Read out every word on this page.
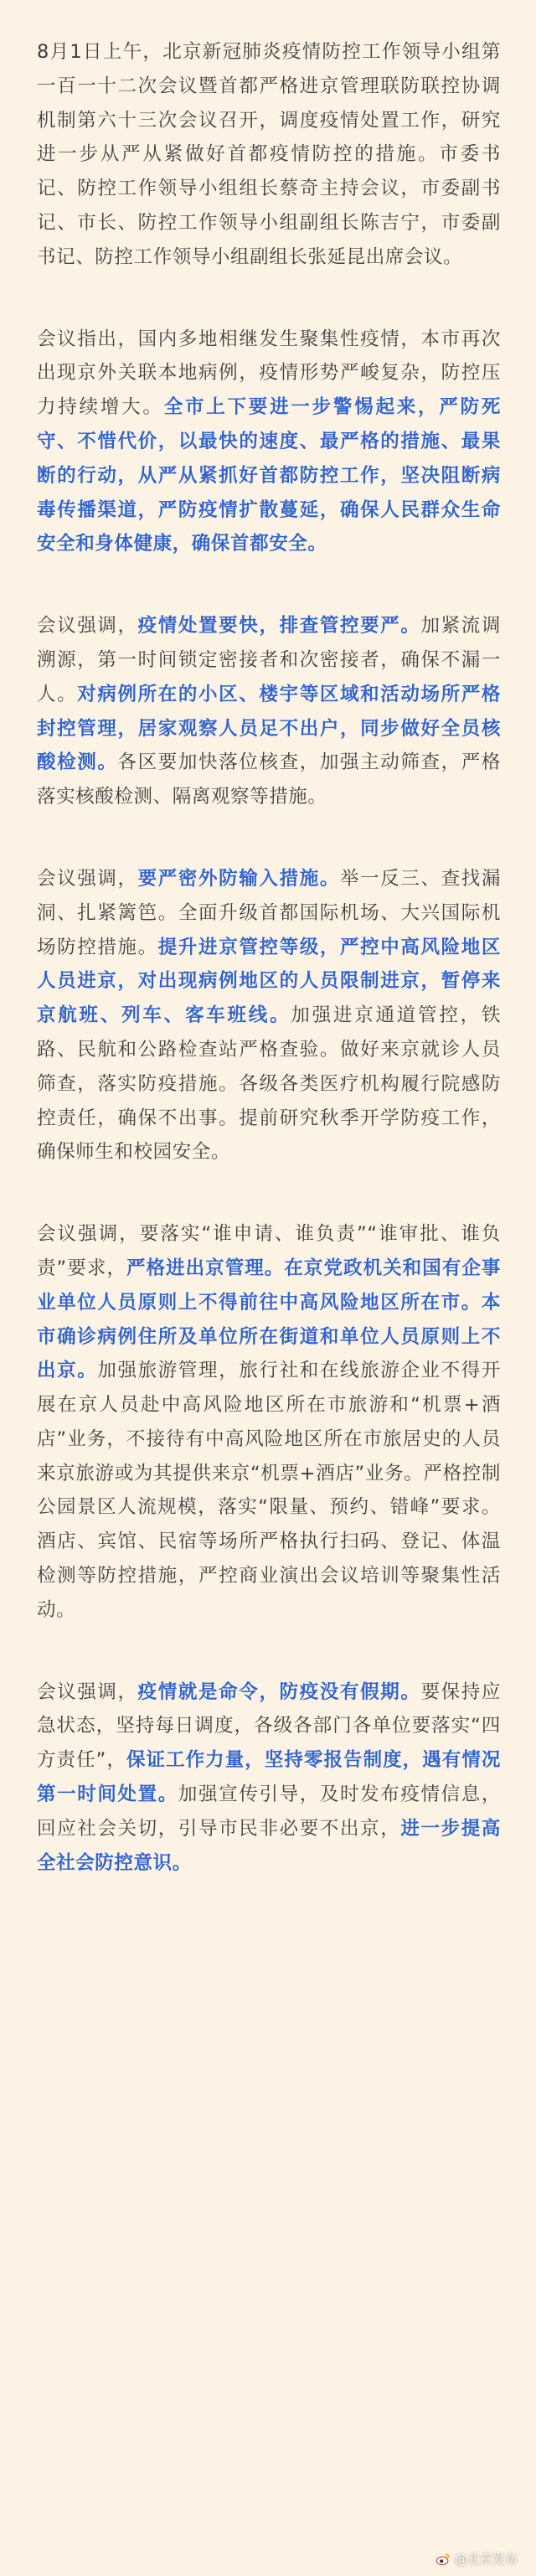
8月1日上午，北京新冠肺炎疫情防控工作领导小组第一百一十二次会议暨首都严格进京管理联防联控协调机制第六十三次会议召开，调度疫情处置工作，研究进一步从严从紧做好首都疫情防控的措施。市委书记、防控工作领导小组组长蔡奇主持会议，市委副书记、市长、防控工作领导小组副组长陈吉宁，市委副书记、防控工作领导小组副组长张延昆出席会议。

会议指出，国内多地相继发生聚集性疫情，本市再次出现京外关联本地病例，疫情形势严峻复杂，防控压力持续增大。全市上下要进一步警惕起来，严防死守、不惜代价，以最快的速度、最严格的措施、最果断的行动，从严从紧抓好首都防控工作，坚决阻断病毒传播渠道，严防疫情扩散蔓延，确保人民群众生命安全和身体健康，确保首都安全。

会议强调，疫情处置要快，排查管控要严。加紧流调溯源，第一时间锁定密接者和次密接者，确保不漏一人。对病例所在的小区、楼宇等区域和活动场所严格封控管理，居家观察人员足不出户，同步做好全员核酸检测。各区要加快落位核查，加强主动筛查，严格落实核酸检测、隔离观察等措施。

会议强调，要严密外防输入措施。举一反三、查找漏洞、扎紧篱笆。全面升级首都国际机场、大兴国际机场防控措施。提升进京管控等级，严控中高风险地区人员进京，对出现病例地区的人员限制进京，暂停来京航班、列车、客车班线。加强进京通道管控，铁路、民航和公路检查站严格查验。做好来京就诊人员筛查，落实防疫措施。各级各类医疗机构履行院感防控责任，确保不出事。提前研究秋季开学防疫工作，确保师生和校园安全。

会议强调，要落实“谁申请、谁负责”“谁审批、谁负责”要求，严格进出京管理。在京党政机关和国有企事业单位人员原则上不得前往中高风险地区所在市。本市确诊病例住所及单位所在街道和单位人员原则上不出京。加强旅游管理，旅行社和在线旅游企业不得开展在京人员赴中高风险地区所在市旅游和“机票+酒店”业务，不接待有中高风险地区所在市旅居史的人员来京旅游或为其提供来京“机票+酒店”业务。严格控制公园景区人流规模，落实“限量、预约、错峰”要求。酒店、宾馆、民宿等场所严格执行扫码、登记、体温检测等防控措施，严控商业演出会议培训等聚集性活动。

会议强调，疫情就是命令，防疫没有假期。要保持应急状态，坚持每日调度，各级各部门各单位要落实“四方责任”，保证工作力量，坚持零报告制度，遇有情况第一时间处置。加强宣传引导，及时发布疫情信息，回应社会关切，引导市民非必要不出京，进一步提高全社会防控意识。

@北京发布
